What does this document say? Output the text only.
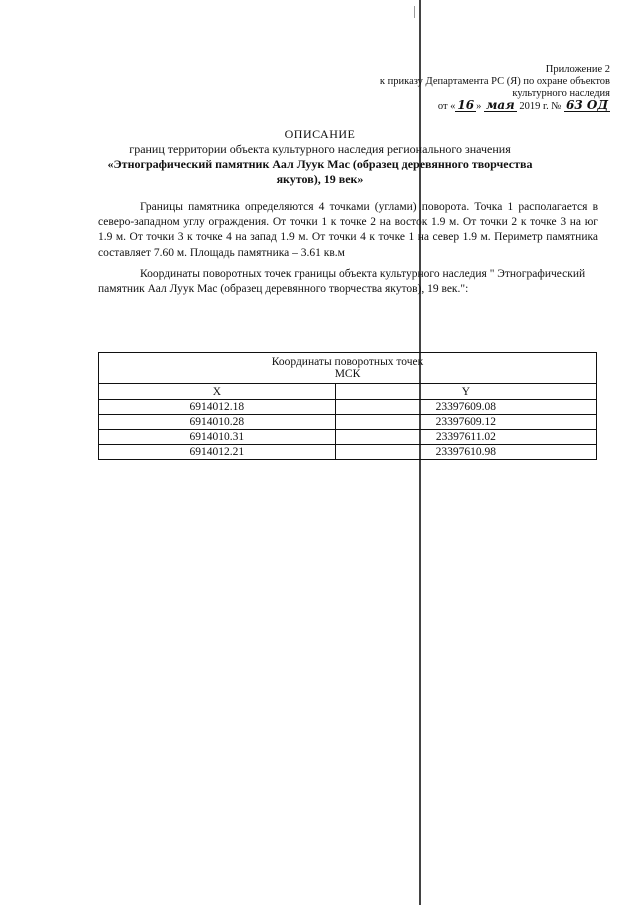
Приложение 2
к приказу Департамента РС (Я) по охране объектов
культурного наследия
от « 16 » мая 2019 г. № 63 ОД
ОПИСАНИЕ
границ территории объекта культурного наследия регионального значения
«Этнографический памятник Аал Луук Мас (образец деревянного творчества
якутов), 19 век»
Границы памятника определяются 4 точками (углами) поворота. Точка 1 располагается в северо-западном углу ограждения. От точки 1 к точке 2 на восток 1.9 м. От точки 2 к точке 3 на юг 1.9 м. От точки 3 к точке 4 на запад 1.9 м. От точки 4 к точке 1 на север 1.9 м. Периметр памятника составляет 7.60 м. Площадь памятника – 3.61 кв.м
Координаты поворотных точек границы объекта культурного наследия " Этнографический памятник Аал Луук Мас (образец деревянного творчества якутов), 19 век.":
Координаты поворотных точек
МСК	

X	Y
6914012.18	23397609.08
6914010.28	23397609.12
6914010.31	23397611.02
6914012.21	23397610.98
